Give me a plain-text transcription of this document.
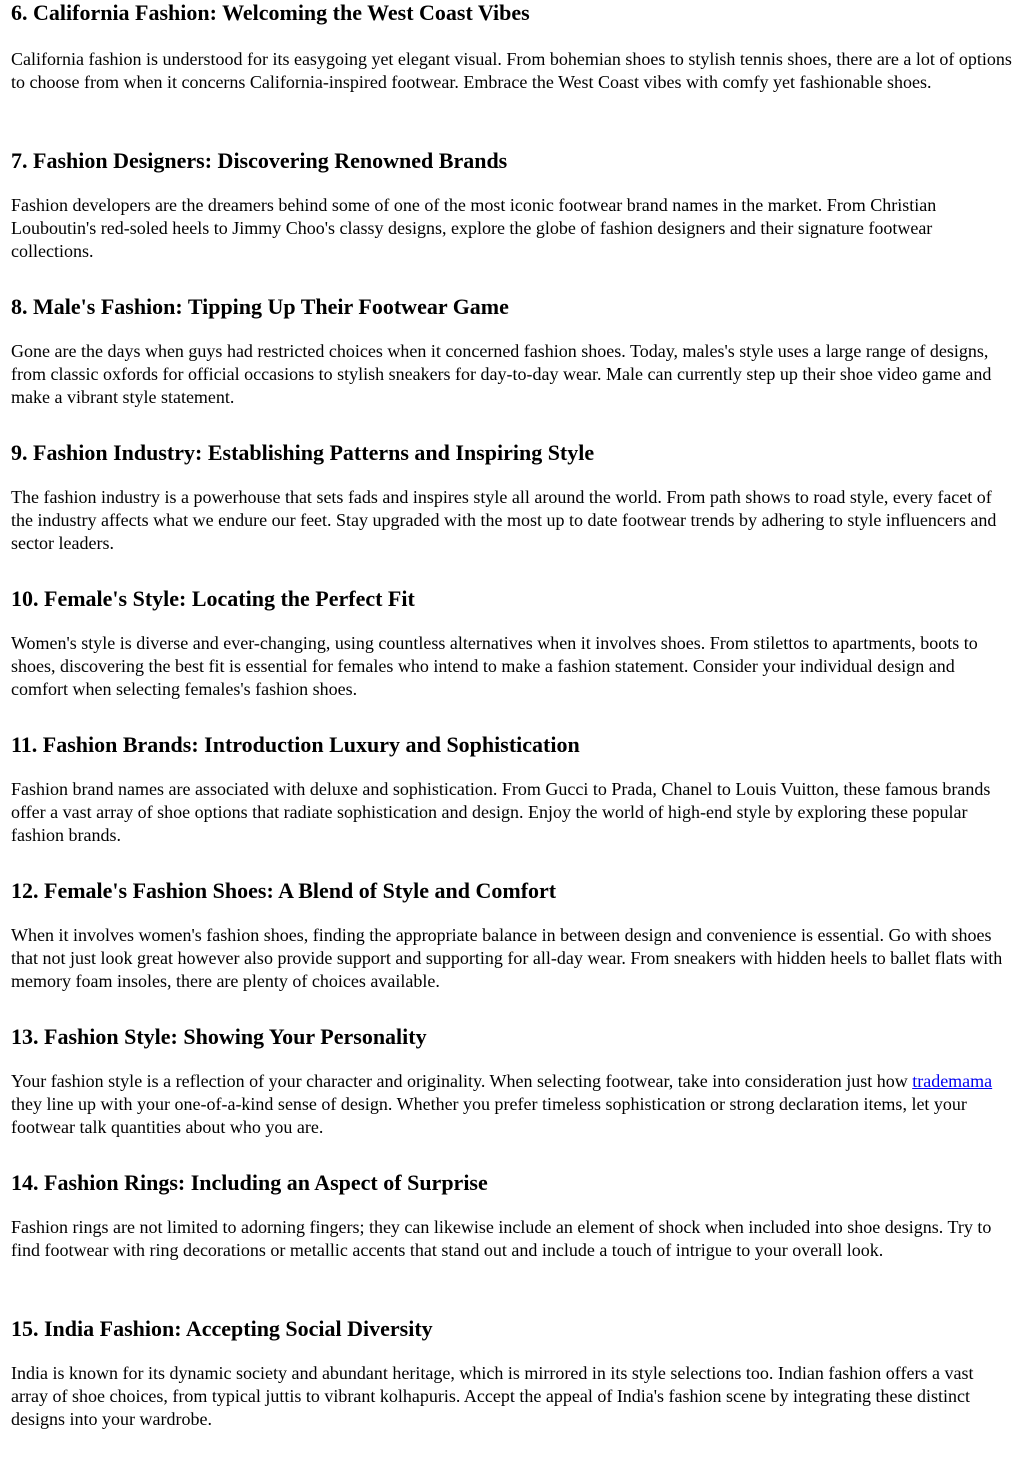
6. California Fashion: Welcoming the West Coast Vibes

California fashion is understood for its easygoing yet elegant visual. From bohemian shoes to stylish tennis shoes, there are a lot of options to choose from when it concerns California-inspired footwear. Embrace the West Coast vibes with comfy yet fashionable shoes.

7. Fashion Designers: Discovering Renowned Brands

Fashion developers are the dreamers behind some of one of the most iconic footwear brand names in the market. From Christian Louboutin's red-soled heels to Jimmy Choo's classy designs, explore the globe of fashion designers and their signature footwear collections.

8. Male's Fashion: Tipping Up Their Footwear Game

Gone are the days when guys had restricted choices when it concerned fashion shoes. Today, males's style uses a large range of designs, from classic oxfords for official occasions to stylish sneakers for day-to-day wear. Male can currently step up their shoe video game and make a vibrant style statement.

9. Fashion Industry: Establishing Patterns and Inspiring Style

The fashion industry is a powerhouse that sets fads and inspires style all around the world. From path shows to road style, every facet of the industry affects what we endure our feet. Stay upgraded with the most up to date footwear trends by adhering to style influencers and sector leaders.

10. Female's Style: Locating the Perfect Fit

Women's style is diverse and ever-changing, using countless alternatives when it involves shoes. From stilettos to apartments, boots to shoes, discovering the best fit is essential for females who intend to make a fashion statement. Consider your individual design and comfort when selecting females's fashion shoes.

11. Fashion Brands: Introduction Luxury and Sophistication

Fashion brand names are associated with deluxe and sophistication. From Gucci to Prada, Chanel to Louis Vuitton, these famous brands offer a vast array of shoe options that radiate sophistication and design. Enjoy the world of high-end style by exploring these popular fashion brands.

12. Female's Fashion Shoes: A Blend of Style and Comfort

When it involves women's fashion shoes, finding the appropriate balance in between design and convenience is essential. Go with shoes that not just look great however also provide support and supporting for all-day wear. From sneakers with hidden heels to ballet flats with memory foam insoles, there are plenty of choices available.

13. Fashion Style: Showing Your Personality

Your fashion style is a reflection of your character and originality. When selecting footwear, take into consideration just how trademama they line up with your one-of-a-kind sense of design. Whether you prefer timeless sophistication or strong declaration items, let your footwear talk quantities about who you are.

14. Fashion Rings: Including an Aspect of Surprise

Fashion rings are not limited to adorning fingers; they can likewise include an element of shock when included into shoe designs. Try to find footwear with ring decorations or metallic accents that stand out and include a touch of intrigue to your overall look.

15. India Fashion: Accepting Social Diversity

India is known for its dynamic society and abundant heritage, which is mirrored in its style selections too. Indian fashion offers a vast array of shoe choices, from typical juttis to vibrant kolhapuris. Accept the appeal of India's fashion scene by integrating these distinct designs into your wardrobe.
